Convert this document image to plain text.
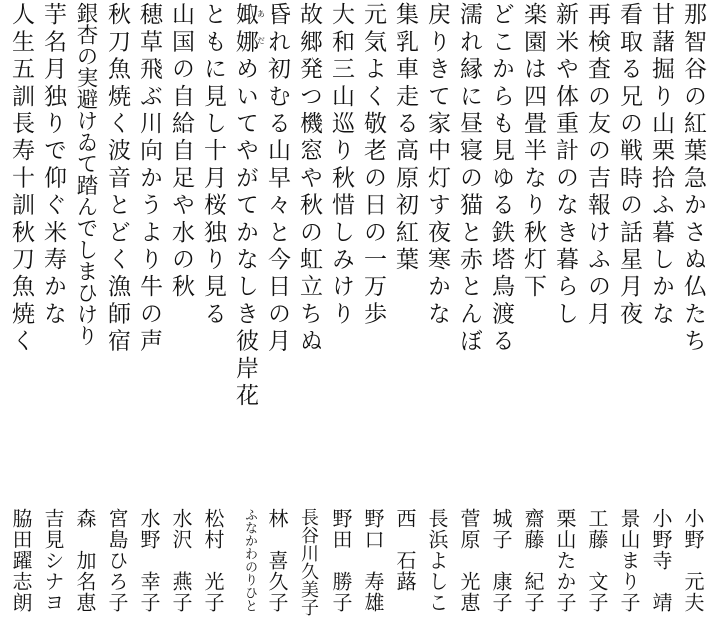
那智谷の紅葉急かさぬ仏たち
小野　元夫
甘藷掘り山栗拾ふ暮しかな
小野寺　靖
看取る兄の戦時の話星月夜
景山まり子
再検査の友の吉報けふの月
工藤　文子
新米や体重計のなき暮らし
栗山たか子
楽園は四畳半なり秋灯下
齋藤　紀子
どこからも見ゆる鉄塔鳥渡る
城子　康子
濡れ縁に昼寝の猫と赤とんぼ
菅原　光恵
戻りきて家中灯す夜寒かな
長浜よしこ
集乳車走る高原初紅葉
西　石蕗
元気よく敬老の日の一万歩
野口　寿雄
大和三山巡り秋惜しみけり
野田　勝子
故郷発つ機窓や秋の虹立ちぬ
長谷川久美子
昏れ初むる山早々と今日の月
林　喜久子
娵娜あだめいてやがてかなしき彼岸花
ふなかわのりひと
ともに見し十月桜独り見る
松村　光子
山国の自給自足や水の秋
水沢　燕子
穂草飛ぶ川向かうより牛の声
水野　幸子
秋刀魚焼く波音とどく漁師宿
宮島ひろ子
銀杏の実避けゐて踏んでしまひけり
森　加名恵
芋名月独りで仰ぐ米寿かな
吉見シナヨ
人生五訓長寿十訓秋刀魚焼く
脇田躍志朗
